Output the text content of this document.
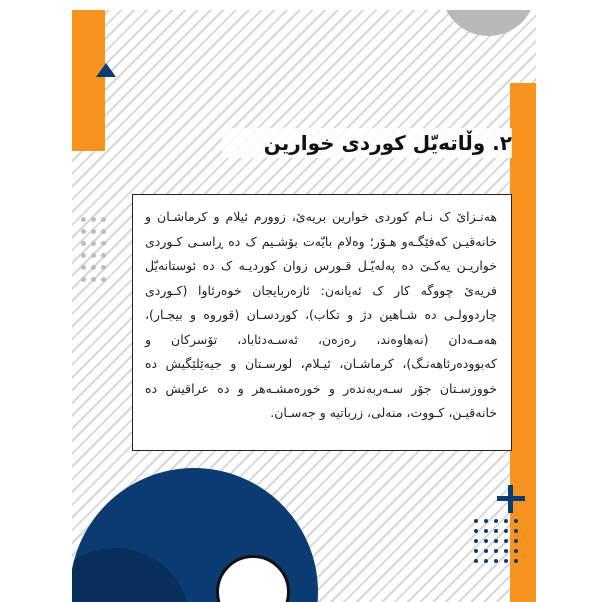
٢. وڵاتەیّل کوردی خوارین

هەنـزاێ ک نـام کوردی خوارین بریەێ، زوورم ئیلام و کرماشـان و خانەقیـن کەفێگـەو هـۆر؛ وەلام بایّەت بۆشـیم ک دە ڕاسـی کـوردی خواریـن یەکـێ دە پەلەیّـل قـورس زوان کوردیـە ک دە ئوستانەیّل فریەێ چووگە کار ک ئەیانەن: ئازەربایجان خوەرئاوا (کـوردی چاردوولـی دە شـاهین دژ و تکاب)، کوردسـان (قوروە و بیجـار)، هەمـەدان (نەهاوەند، رەزەن، ئەسـەدئاباد، تۆسرکان و کەبوودەرئاهەنـگ)، کرماشـان، ئیـلام، لورسـتان و جیەێلێگیش دە خووزسـتان جۆر سـەربەندەر و خورەمشـەهر و دە عراقیش دە خانەقیـن، کـووت، منەلی، زرباتیە و جەسـان.
